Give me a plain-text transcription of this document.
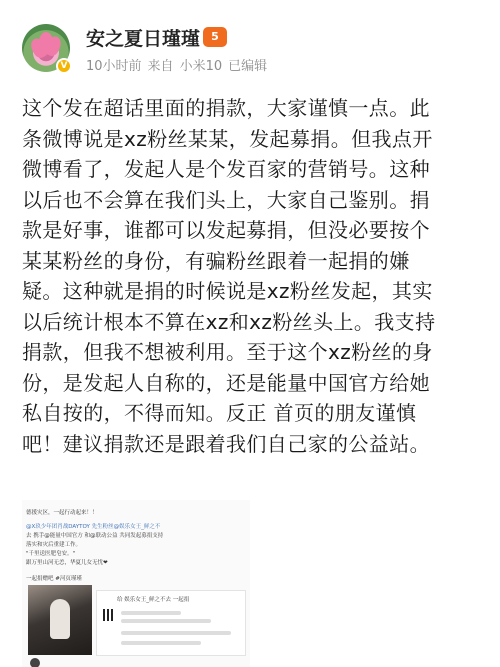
V
安之夏日瑾瑾	5
10小时前 来自 小米10 已编辑
这个发在超话里面的捐款，大家谨慎一点。此
条微博说是xz粉丝某某，发起募捐。但我点开
微博看了，发起人是个发百家的营销号。这种
以后也不会算在我们头上，大家自己鉴别。捐
款是好事，谁都可以发起募捐，但没必要按个
某某粉丝的身份，有骗粉丝跟着一起捐的嫌
疑。这种就是捐的时候说是xz粉丝发起，其实
以后统计根本不算在xz和xz粉丝头上。我支持
捐款，但我不想被利用。至于这个xz粉丝的身
份，是发起人自称的，还是能量中国官方给她
私自按的，不得而知。反正 首页的朋友谨慎
吧！建议捐款还是跟着我们自己家的公益站。
德援灾区，一起行动起来！！
@X玖少年团肖战DAYTOY 先生粉丝@娱乐女王_鲜之不
去 携手@能量中国官方 和@联动公益 共同发起募捐支持
落实和灾后重建工作。
"千里送医肥皂安。"
跟万里山河无恙，华夏儿女无忧❤
一起捐赠吧 #河页瑾瑾
给 娱乐女王_鲜之不去 一起捐
